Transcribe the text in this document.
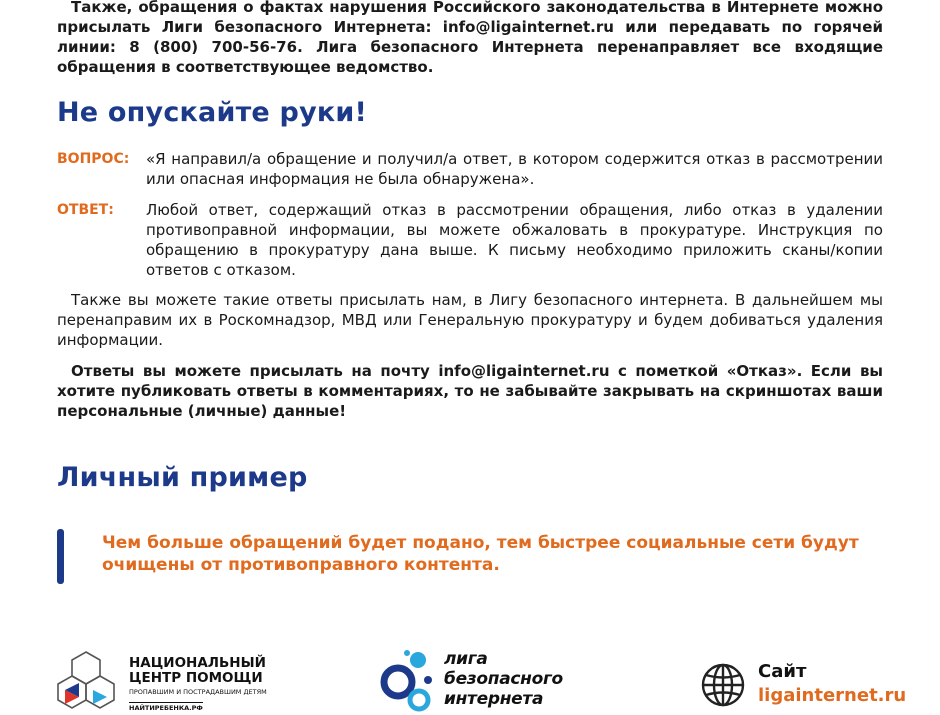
Также, обращения о фактах нарушения Российского законодательства в Интернете можно присылать Лиги безопасного Интернета: info@ligainternet.ru или передавать по горячей линии: 8 (800) 700-56-76. Лига безопасного Интернета перенаправляет все входящие обращения в соответствующее ведомство.
Не опускайте руки!
ВОПРОС: «Я направил/а обращение и получил/а ответ, в котором содержится отказ в рассмотрении или опасная информация не была обнаружена».
ОТВЕТ: Любой ответ, содержащий отказ в рассмотрении обращения, либо отказ в удалении противоправной информации, вы можете обжаловать в прокуратуре. Инструкция по обращению в прокуратуру дана выше. К письму необходимо приложить сканы/копии ответов с отказом.
Также вы можете такие ответы присылать нам, в Лигу безопасного интернета. В дальнейшем мы перенаправим их в Роскомнадзор, МВД или Генеральную прокуратуру и будем добиваться удаления информации.
Ответы вы можете присылать на почту info@ligainternet.ru с пометкой «Отказ». Если вы хотите публиковать ответы в комментариях, то не забывайте закрывать на скриншотах ваши персональные (личные) данные!
Личный пример
Чем больше обращений будет подано, тем быстрее социальные сети будут очищены от противоправного контента.
НАЦИОНАЛЬНЫЙ
ЦЕНТР ПОМОЩИ
ПРОПАВШИМ И ПОСТРАДАВШИМ ДЕТЯМ
НАЙТИРЕБЕНКА.РФ
лига
безопасного
интернета
Сайт
ligainternet.ru
